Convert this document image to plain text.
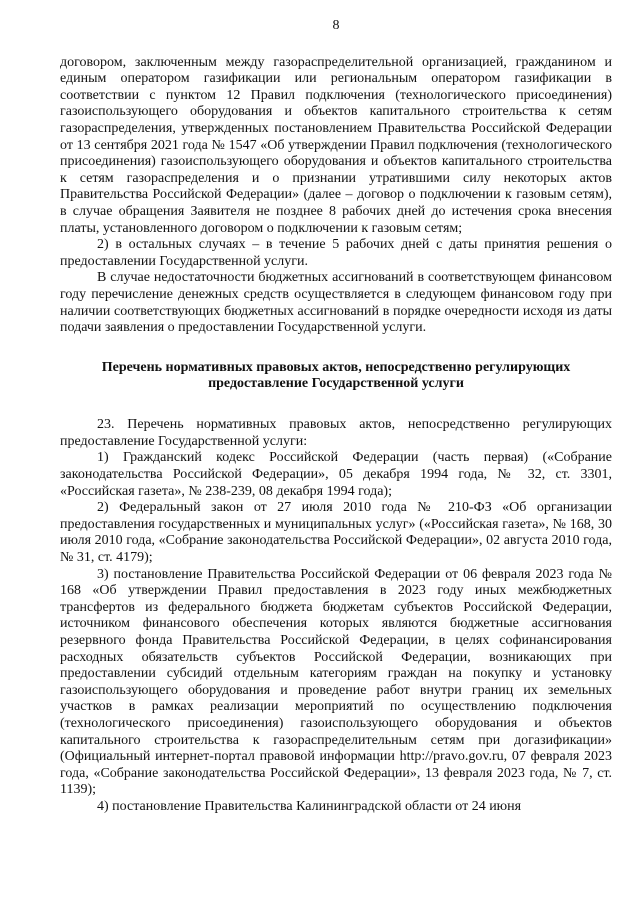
8

договором, заключенным между газораспределительной организацией, гражданином и единым оператором газификации или региональным оператором газификации в соответствии с пунктом 12 Правил подключения (технологического присоединения) газоиспользующего оборудования и объектов капитального строительства к сетям газораспределения, утвержденных постановлением Правительства Российской Федерации от 13 сентября 2021 года № 1547 «Об утверждении Правил подключения (технологического присоединения) газоиспользующего оборудования и объектов капитального строительства к сетям газораспределения и о признании утратившими силу некоторых актов Правительства Российской Федерации» (далее – договор о подключении к газовым сетям), в случае обращения Заявителя не позднее 8 рабочих дней до истечения срока внесения платы, установленного договором о подключении к газовым сетям;

2) в остальных случаях – в течение 5 рабочих дней с даты принятия решения о предоставлении Государственной услуги.

В случае недостаточности бюджетных ассигнований в соответствующем финансовом году перечисление денежных средств осуществляется в следующем финансовом году при наличии соответствующих бюджетных ассигнований в порядке очередности исходя из даты подачи заявления о предоставлении Государственной услуги.

Перечень нормативных правовых актов, непосредственно регулирующих
предоставление Государственной услуги

23. Перечень нормативных правовых актов, непосредственно регулирующих предоставление Государственной услуги:

1) Гражданский кодекс Российской Федерации (часть первая) («Собрание законодательства Российской Федерации», 05 декабря 1994 года, № 32, ст. 3301, «Российская газета», № 238-239, 08 декабря 1994 года);

2) Федеральный закон от 27 июля 2010 года № 210-ФЗ «Об организации предоставления государственных и муниципальных услуг» («Российская газета», № 168, 30 июля 2010 года, «Собрание законодательства Российской Федерации», 02 августа 2010 года, № 31, ст. 4179);

3) постановление Правительства Российской Федерации от 06 февраля 2023 года № 168 «Об утверждении Правил предоставления в 2023 году иных межбюджетных трансфертов из федерального бюджета бюджетам субъектов Российской Федерации, источником финансового обеспечения которых являются бюджетные ассигнования резервного фонда Правительства Российской Федерации, в целях софинансирования расходных обязательств субъектов Российской Федерации, возникающих при предоставлении субсидий отдельным категориям граждан на покупку и установку газоиспользующего оборудования и проведение работ внутри границ их земельных участков в рамках реализации мероприятий по осуществлению подключения (технологического присоединения) газоиспользующего оборудования и объектов капитального строительства к газораспределительным сетям при догазификации» (Официальный интернет-портал правовой информации http://pravo.gov.ru, 07 февраля 2023 года, «Собрание законодательства Российской Федерации», 13 февраля 2023 года, № 7, ст. 1139);

4) постановление Правительства Калининградской области от 24 июня
